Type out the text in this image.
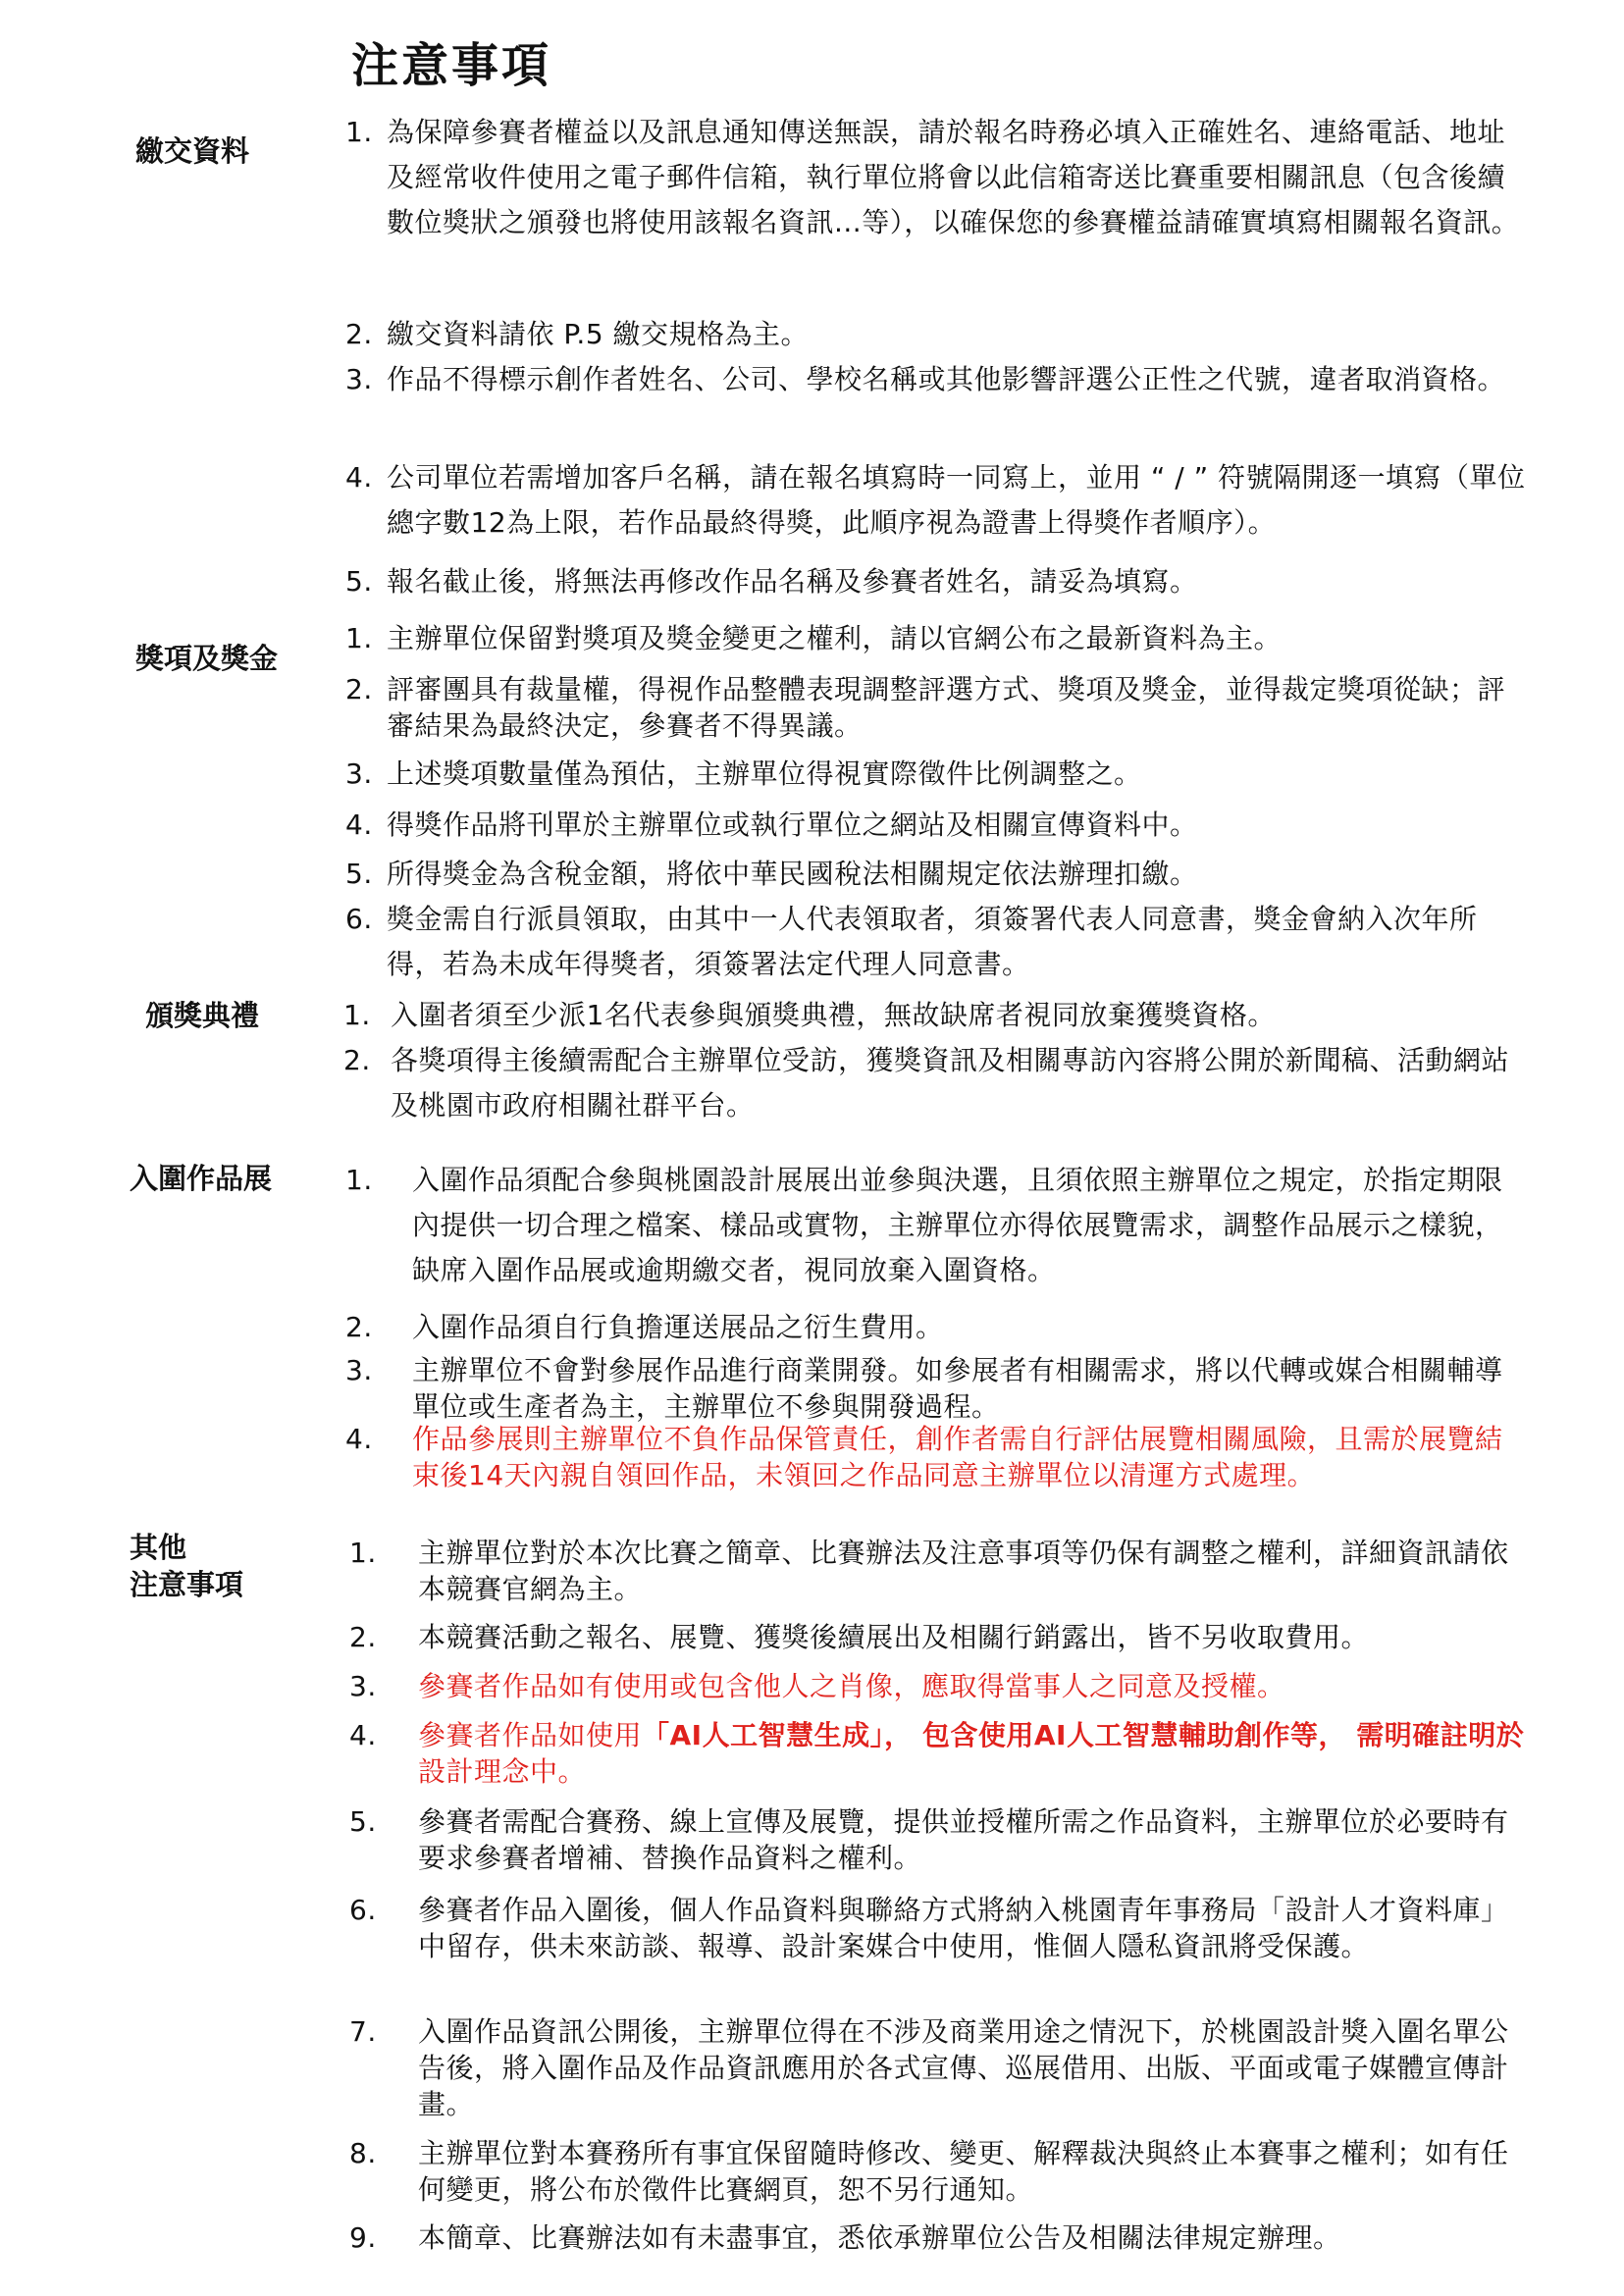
注意事項
繳交資料
1. 為保障參賽者權益以及訊息通知傳送無誤，請於報名時務必填入正確姓名、連絡電話、地址及經常收件使用之電子郵件信箱，執行單位將會以此信箱寄送比賽重要相關訊息（包含後續數位獎狀之頒發也將使用該報名資訊...等），以確保您的參賽權益請確實填寫相關報名資訊。
2. 繳交資料請依 P.5 繳交規格為主。
3. 作品不得標示創作者姓名、公司、學校名稱或其他影響評選公正性之代號，違者取消資格。
4. 公司單位若需增加客戶名稱，請在報名填寫時一同寫上，並用 “ / ” 符號隔開逐一填寫（單位總字數12為上限，若作品最終得獎，此順序視為證書上得獎作者順序）。
5. 報名截止後，將無法再修改作品名稱及參賽者姓名，請妥為填寫。
獎項及獎金
1. 主辦單位保留對獎項及獎金變更之權利，請以官網公布之最新資料為主。
2. 評審團具有裁量權，得視作品整體表現調整評選方式、獎項及獎金，並得裁定獎項從缺；評審結果為最終決定，參賽者不得異議。
3. 上述獎項數量僅為預估，主辦單位得視實際徵件比例調整之。
4. 得獎作品將刊單於主辦單位或執行單位之網站及相關宣傳資料中。
5. 所得獎金為含稅金額，將依中華民國稅法相關規定依法辦理扣繳。
6. 獎金需自行派員領取，由其中一人代表領取者，須簽署代表人同意書，獎金會納入次年所得，若為未成年得獎者，須簽署法定代理人同意書。
頒獎典禮	1. 入圍者須至少派1名代表參與頒獎典禮，無故缺席者視同放棄獲獎資格。
2. 各獎項得主後續需配合主辦單位受訪，獲獎資訊及相關專訪內容將公開於新聞稿、活動網站及桃園市政府相關社群平台。
入圍作品展	1. 入圍作品須配合參與桃園設計展展出並參與決選，且須依照主辦單位之規定，於指定期限內提供一切合理之檔案、樣品或實物，主辦單位亦得依展覽需求，調整作品展示之樣貌，缺席入圍作品展或逾期繳交者，視同放棄入圍資格。
2. 入圍作品須自行負擔運送展品之衍生費用。
3. 主辦單位不會對參展作品進行商業開發。如參展者有相關需求，將以代轉或媒合相關輔導單位或生產者為主，主辦單位不參與開發過程。
4. 作品參展則主辦單位不負作品保管責任，創作者需自行評估展覽相關風險，且需於展覽結束後14天內親自領回作品，未領回之作品同意主辦單位以清運方式處理。
其他
注意事項
1. 主辦單位對於本次比賽之簡章、比賽辦法及注意事項等仍保有調整之權利，詳細資訊請依本競賽官網為主。
2. 本競賽活動之報名、展覽、獲獎後續展出及相關行銷露出，皆不另收取費用。
3. 參賽者作品如有使用或包含他人之肖像，應取得當事人之同意及授權。
4. 參賽者作品如使用「AI人工智慧生成」， 包含使用AI人工智慧輔助創作等， 需明確註明於設計理念中。
5. 參賽者需配合賽務、線上宣傳及展覽，提供並授權所需之作品資料，主辦單位於必要時有要求參賽者增補、替換作品資料之權利。
6. 參賽者作品入圍後，個人作品資料與聯絡方式將納入桃園青年事務局「設計人才資料庫」中留存，供未來訪談、報導、設計案媒合中使用，惟個人隱私資訊將受保護。
7. 入圍作品資訊公開後，主辦單位得在不涉及商業用途之情況下，於桃園設計獎入圍名單公告後，將入圍作品及作品資訊應用於各式宣傳、巡展借用、出版、平面或電子媒體宣傳計畫。
8. 主辦單位對本賽務所有事宜保留隨時修改、變更、解釋裁決與終止本賽事之權利；如有任何變更，將公布於徵件比賽網頁，恕不另行通知。
9. 本簡章、比賽辦法如有未盡事宜，悉依承辦單位公告及相關法律規定辦理。
